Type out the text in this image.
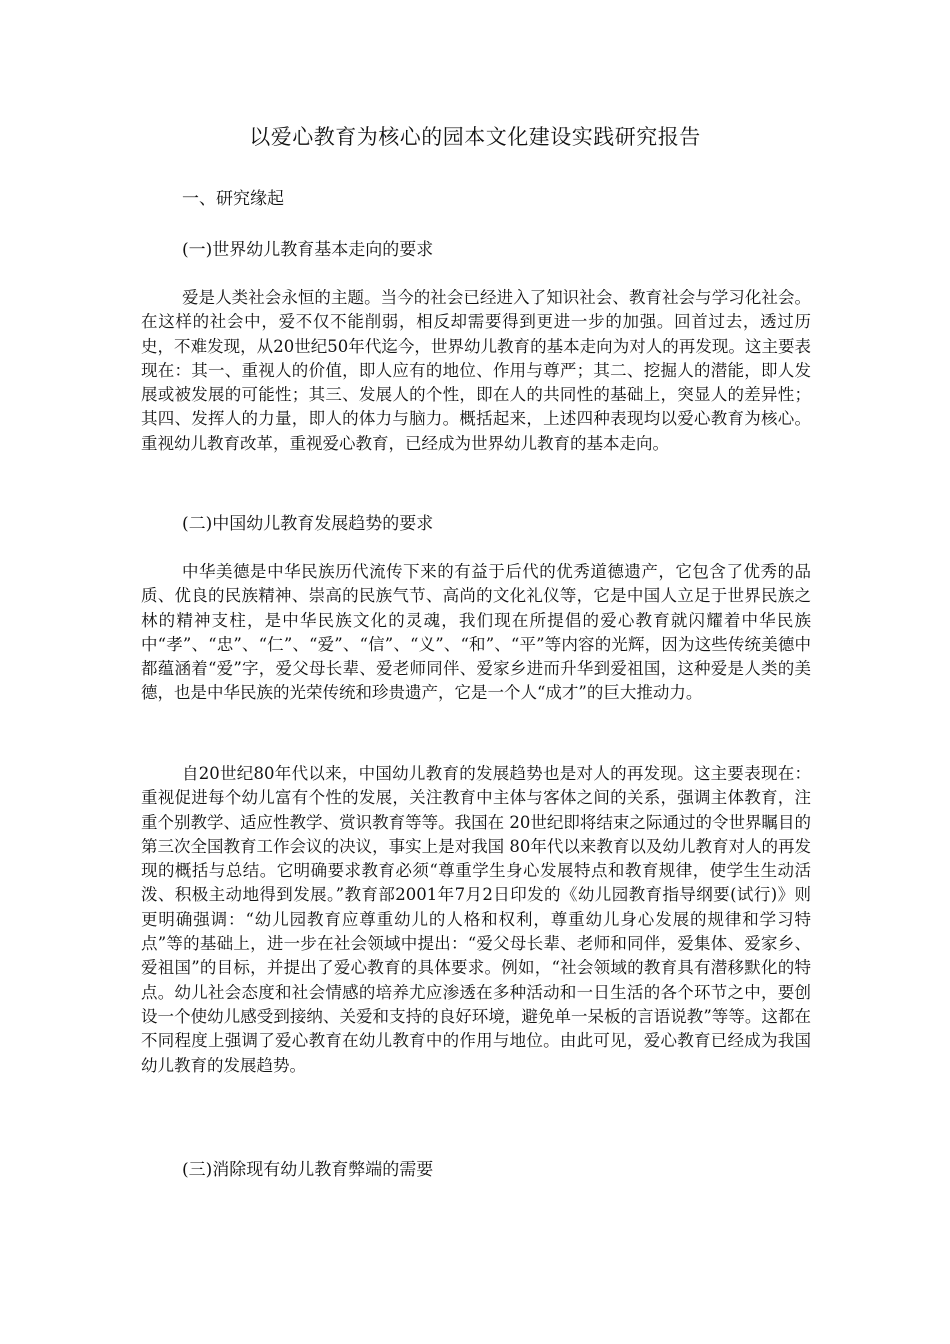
以爱心教育为核心的园本文化建设实践研究报告
一、研究缘起
(一)世界幼儿教育基本走向的要求

爱是人类社会永恒的主题。当今的社会已经进入了知识社会、教育社会与学习化社会。在这样的社会中，爱不仅不能削弱，相反却需要得到更进一步的加强。回首过去，透过历史，不难发现，从20世纪50年代迄今，世界幼儿教育的基本走向为对人的再发现。这主要表现在：其一、重视人的价值，即人应有的地位、作用与尊严；其二、挖掘人的潜能，即人发展或被发展的可能性；其三、发展人的个性，即在人的共同性的基础上，突显人的差异性；其四、发挥人的力量，即人的体力与脑力。概括起来，上述四种表现均以爱心教育为核心。重视幼儿教育改革，重视爱心教育，已经成为世界幼儿教育的基本走向。

(二)中国幼儿教育发展趋势的要求

中华美德是中华民族历代流传下来的有益于后代的优秀道德遗产，它包含了优秀的品质、优良的民族精神、崇高的民族气节、高尚的文化礼仪等，它是中国人立足于世界民族之林的精神支柱，是中华民族文化的灵魂，我们现在所提倡的爱心教育就闪耀着中华民族中“孝”、“忠”、“仁”、“爱”、“信”、“义”、“和”、“平”等内容的光辉，因为这些传统美德中都蕴涵着“爱”字，爱父母长辈、爱老师同伴、爱家乡进而升华到爱祖国，这种爱是人类的美德，也是中华民族的光荣传统和珍贵遗产，它是一个人“成才”的巨大推动力。

自20世纪80年代以来，中国幼儿教育的发展趋势也是对人的再发现。这主要表现在：重视促进每个幼儿富有个性的发展，关注教育中主体与客体之间的关系，强调主体教育，注重个别教学、适应性教学、赏识教育等等。我国在 20世纪即将结束之际通过的令世界瞩目的第三次全国教育工作会议的决议，事实上是对我国 80年代以来教育以及幼儿教育对人的再发现的概括与总结。它明确要求教育必须“尊重学生身心发展特点和教育规律，使学生生动活泼、积极主动地得到发展。”教育部2001年7月2日印发的《幼儿园教育指导纲要(试行)》则更明确强调：“幼儿园教育应尊重幼儿的人格和权利，尊重幼儿身心发展的规律和学习特点”等的基础上，进一步在社会领域中提出：“爱父母长辈、老师和同伴，爱集体、爱家乡、爱祖国”的目标，并提出了爱心教育的具体要求。例如，“社会领域的教育具有潜移默化的特点。幼儿社会态度和社会情感的培养尤应渗透在多种活动和一日生活的各个环节之中，要创设一个使幼儿感受到接纳、关爱和支持的良好环境，避免单一呆板的言语说教”等等。这都在不同程度上强调了爱心教育在幼儿教育中的作用与地位。由此可见，爱心教育已经成为我国幼儿教育的发展趋势。

(三)消除现有幼儿教育弊端的需要
